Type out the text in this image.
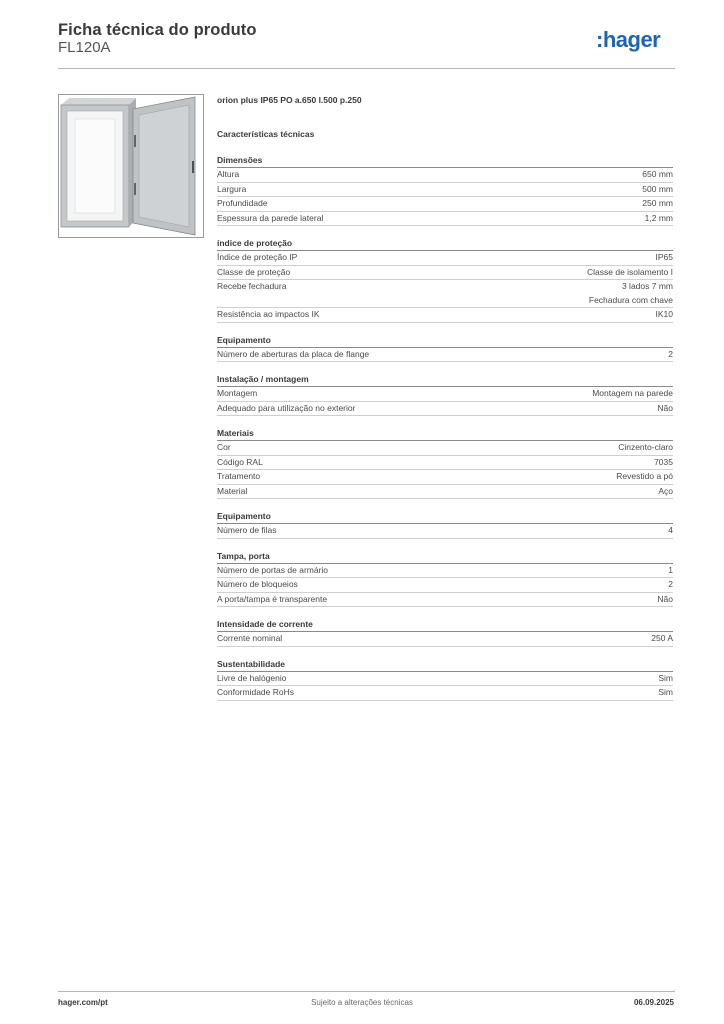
Ficha técnica do produto
FL120A	:hager
orion plus IP65 PO a.650 l.500 p.250
Características técnicas
Dimensões
Altura	650 mm
Largura	500 mm
Profundidade	250 mm
Espessura da parede lateral	1,2 mm
índice de proteção
Índice de proteção IP	IP65
Classe de proteção	Classe de isolamento I
Recebe fechadura	3 lados 7 mm
Fechadura com chave
Resistência ao impactos IK	IK10
Equipamento
Número de aberturas da placa de flange	2
Instalação / montagem
Montagem	Montagem na parede
Adequado para utilização no exterior	Não
Materiais
Cor	Cinzento-claro
Código RAL	7035
Tratamento	Revestido a pó
Material	Aço
Equipamento
Número de filas	4
Tampa, porta
Número de portas de armário	1
Número de bloqueios	2
A porta/tampa é transparente	Não
Intensidade de corrente
Corrente nominal	250 A
Sustentabilidade
Livre de halógenio	Sim
Conformidade RoHs	Sim
hager.com/pt	Sujeito a alterações técnicas	06.09.2025
